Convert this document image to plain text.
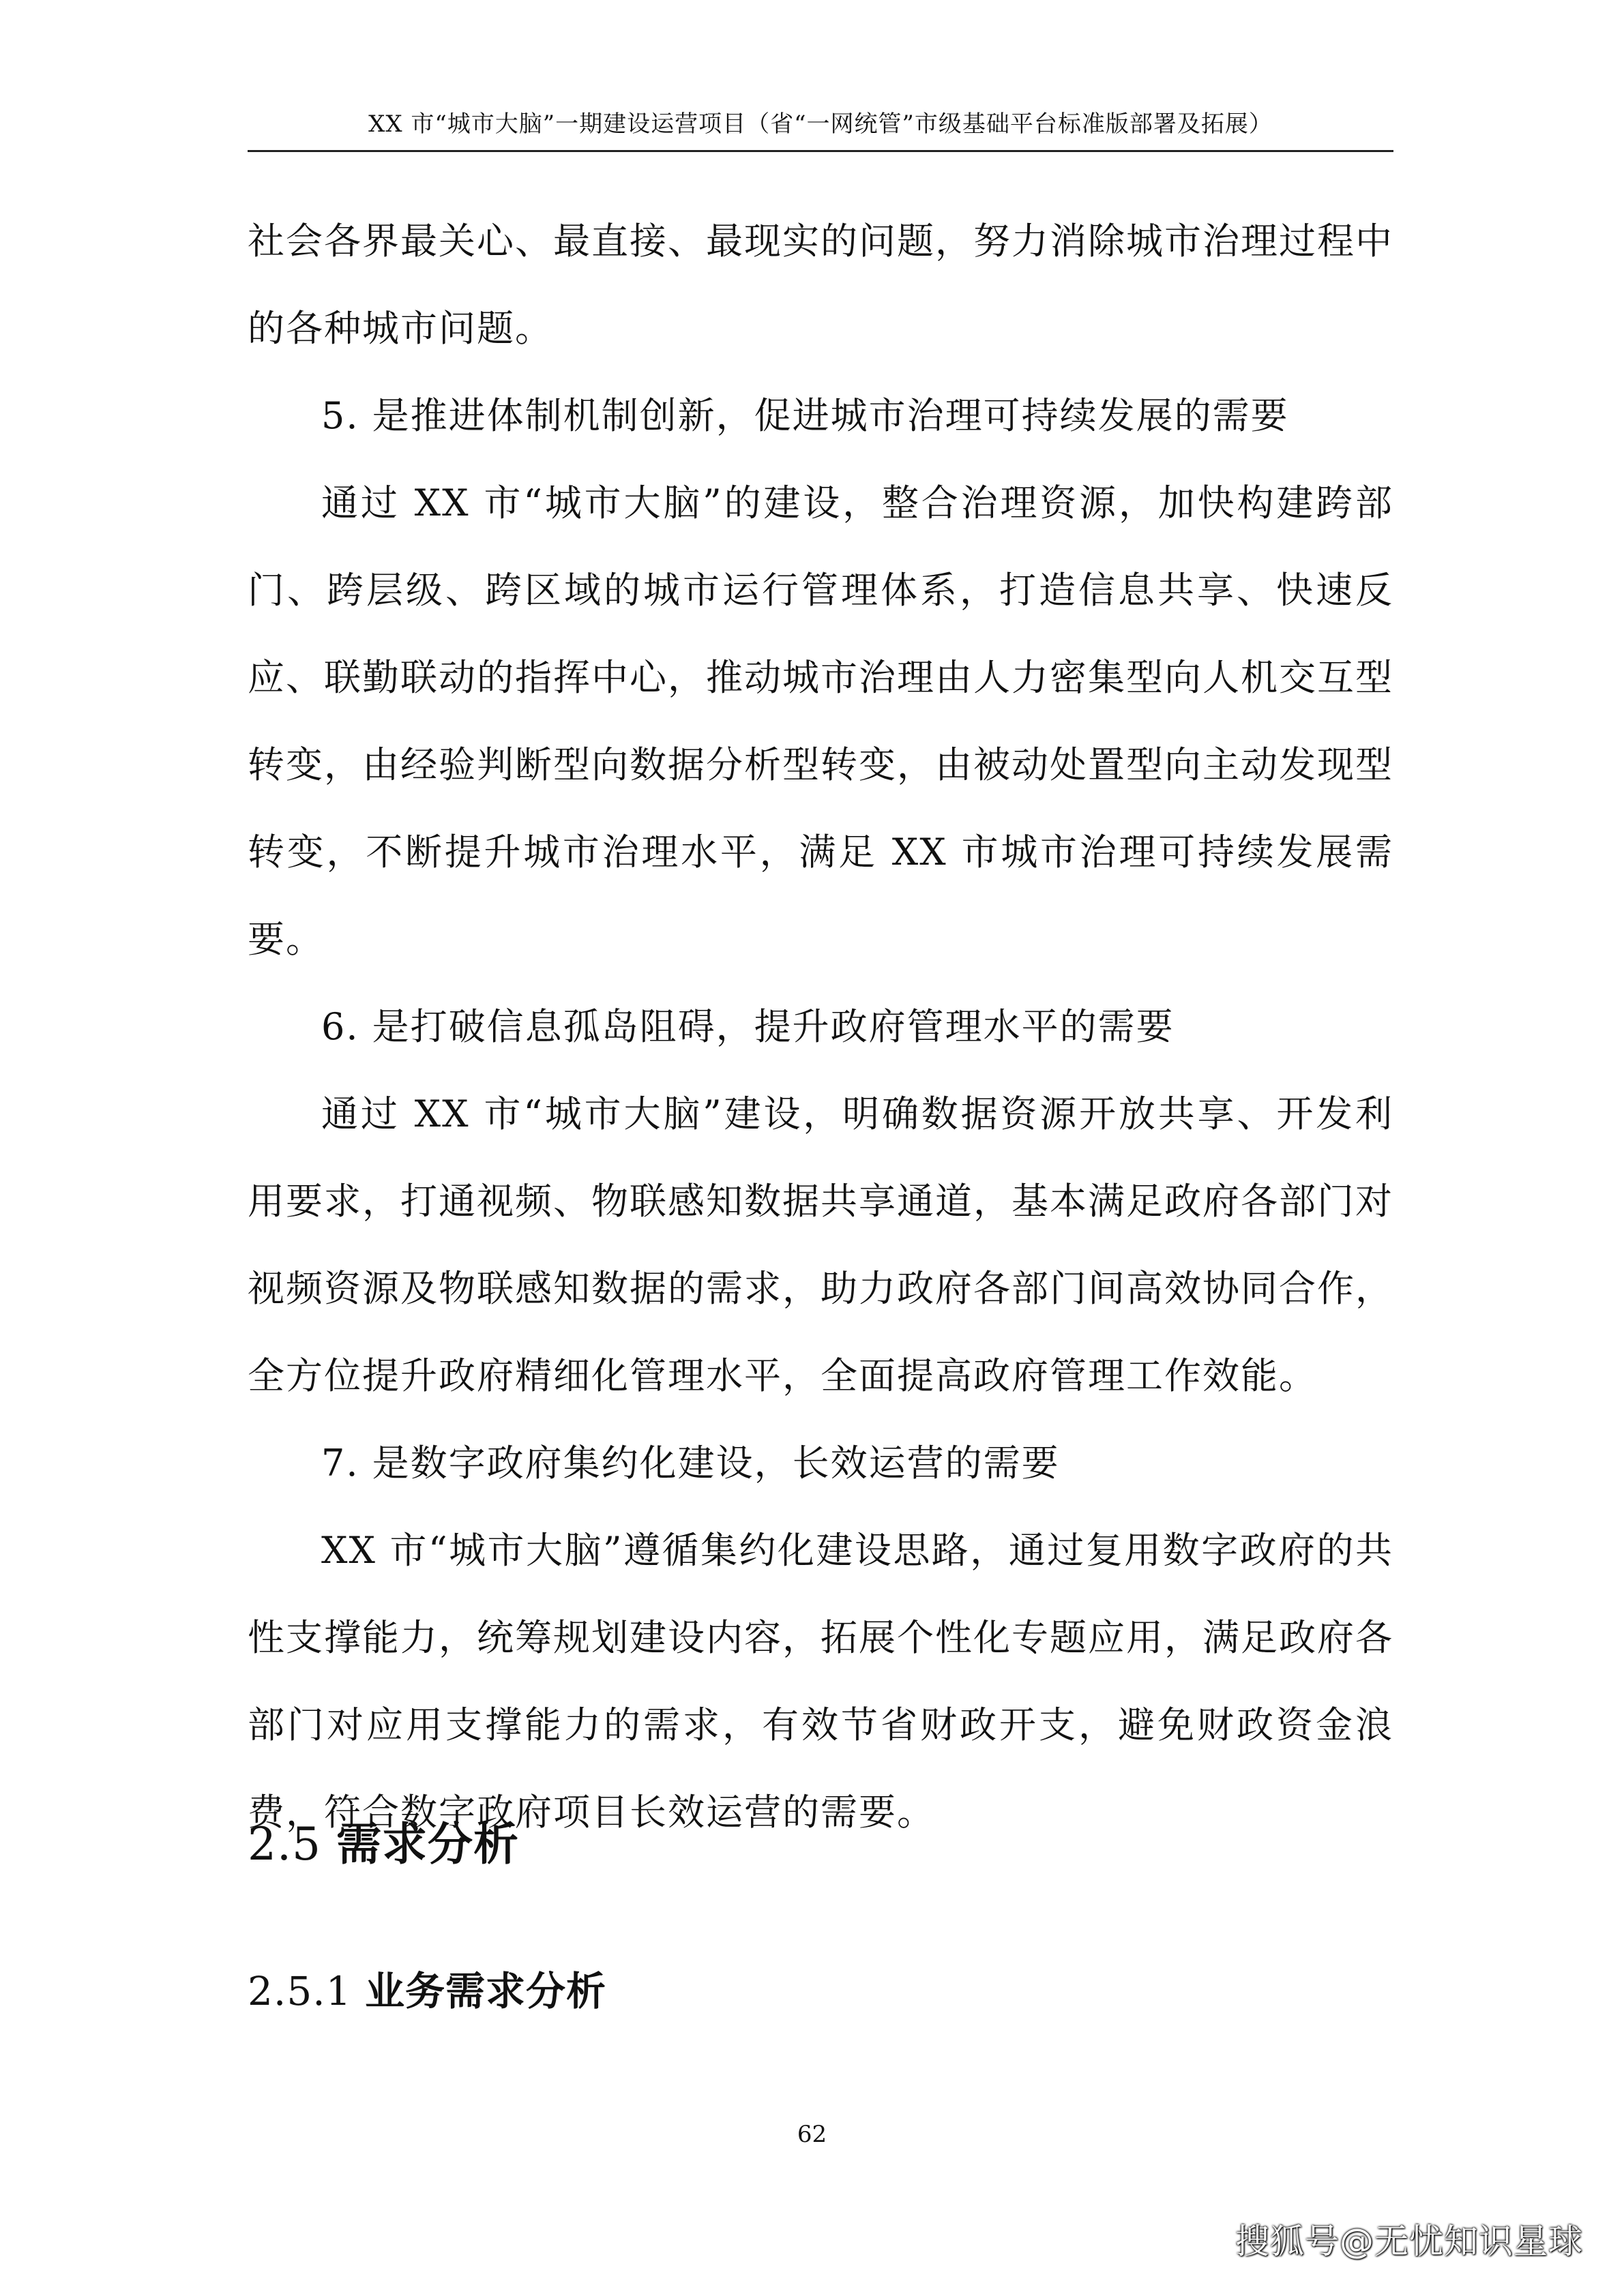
XX 市“城市大脑”一期建设运营项目（省“一网统管”市级基础平台标准版部署及拓展）

社会各界最关心、最直接、最现实的问题，努力消除城市治理过程中的各种城市问题。

5. 是推进体制机制创新，促进城市治理可持续发展的需要

通过 XX 市“城市大脑”的建设，整合治理资源，加快构建跨部门、跨层级、跨区域的城市运行管理体系，打造信息共享、快速反应、联勤联动的指挥中心，推动城市治理由人力密集型向人机交互型转变，由经验判断型向数据分析型转变，由被动处置型向主动发现型转变，不断提升城市治理水平，满足 XX 市城市治理可持续发展需要。

6. 是打破信息孤岛阻碍，提升政府管理水平的需要

通过 XX 市“城市大脑”建设，明确数据资源开放共享、开发利用要求，打通视频、物联感知数据共享通道，基本满足政府各部门对视频资源及物联感知数据的需求，助力政府各部门间高效协同合作，全方位提升政府精细化管理水平，全面提高政府管理工作效能。

7. 是数字政府集约化建设，长效运营的需要

XX 市“城市大脑”遵循集约化建设思路，通过复用数字政府的共性支撑能力，统筹规划建设内容，拓展个性化专题应用，满足政府各部门对应用支撑能力的需求，有效节省财政开支，避免财政资金浪费，符合数字政府项目长效运营的需要。

2.5 需求分析
2.5.1 业务需求分析
62
搜狐号@无忧知识星球
